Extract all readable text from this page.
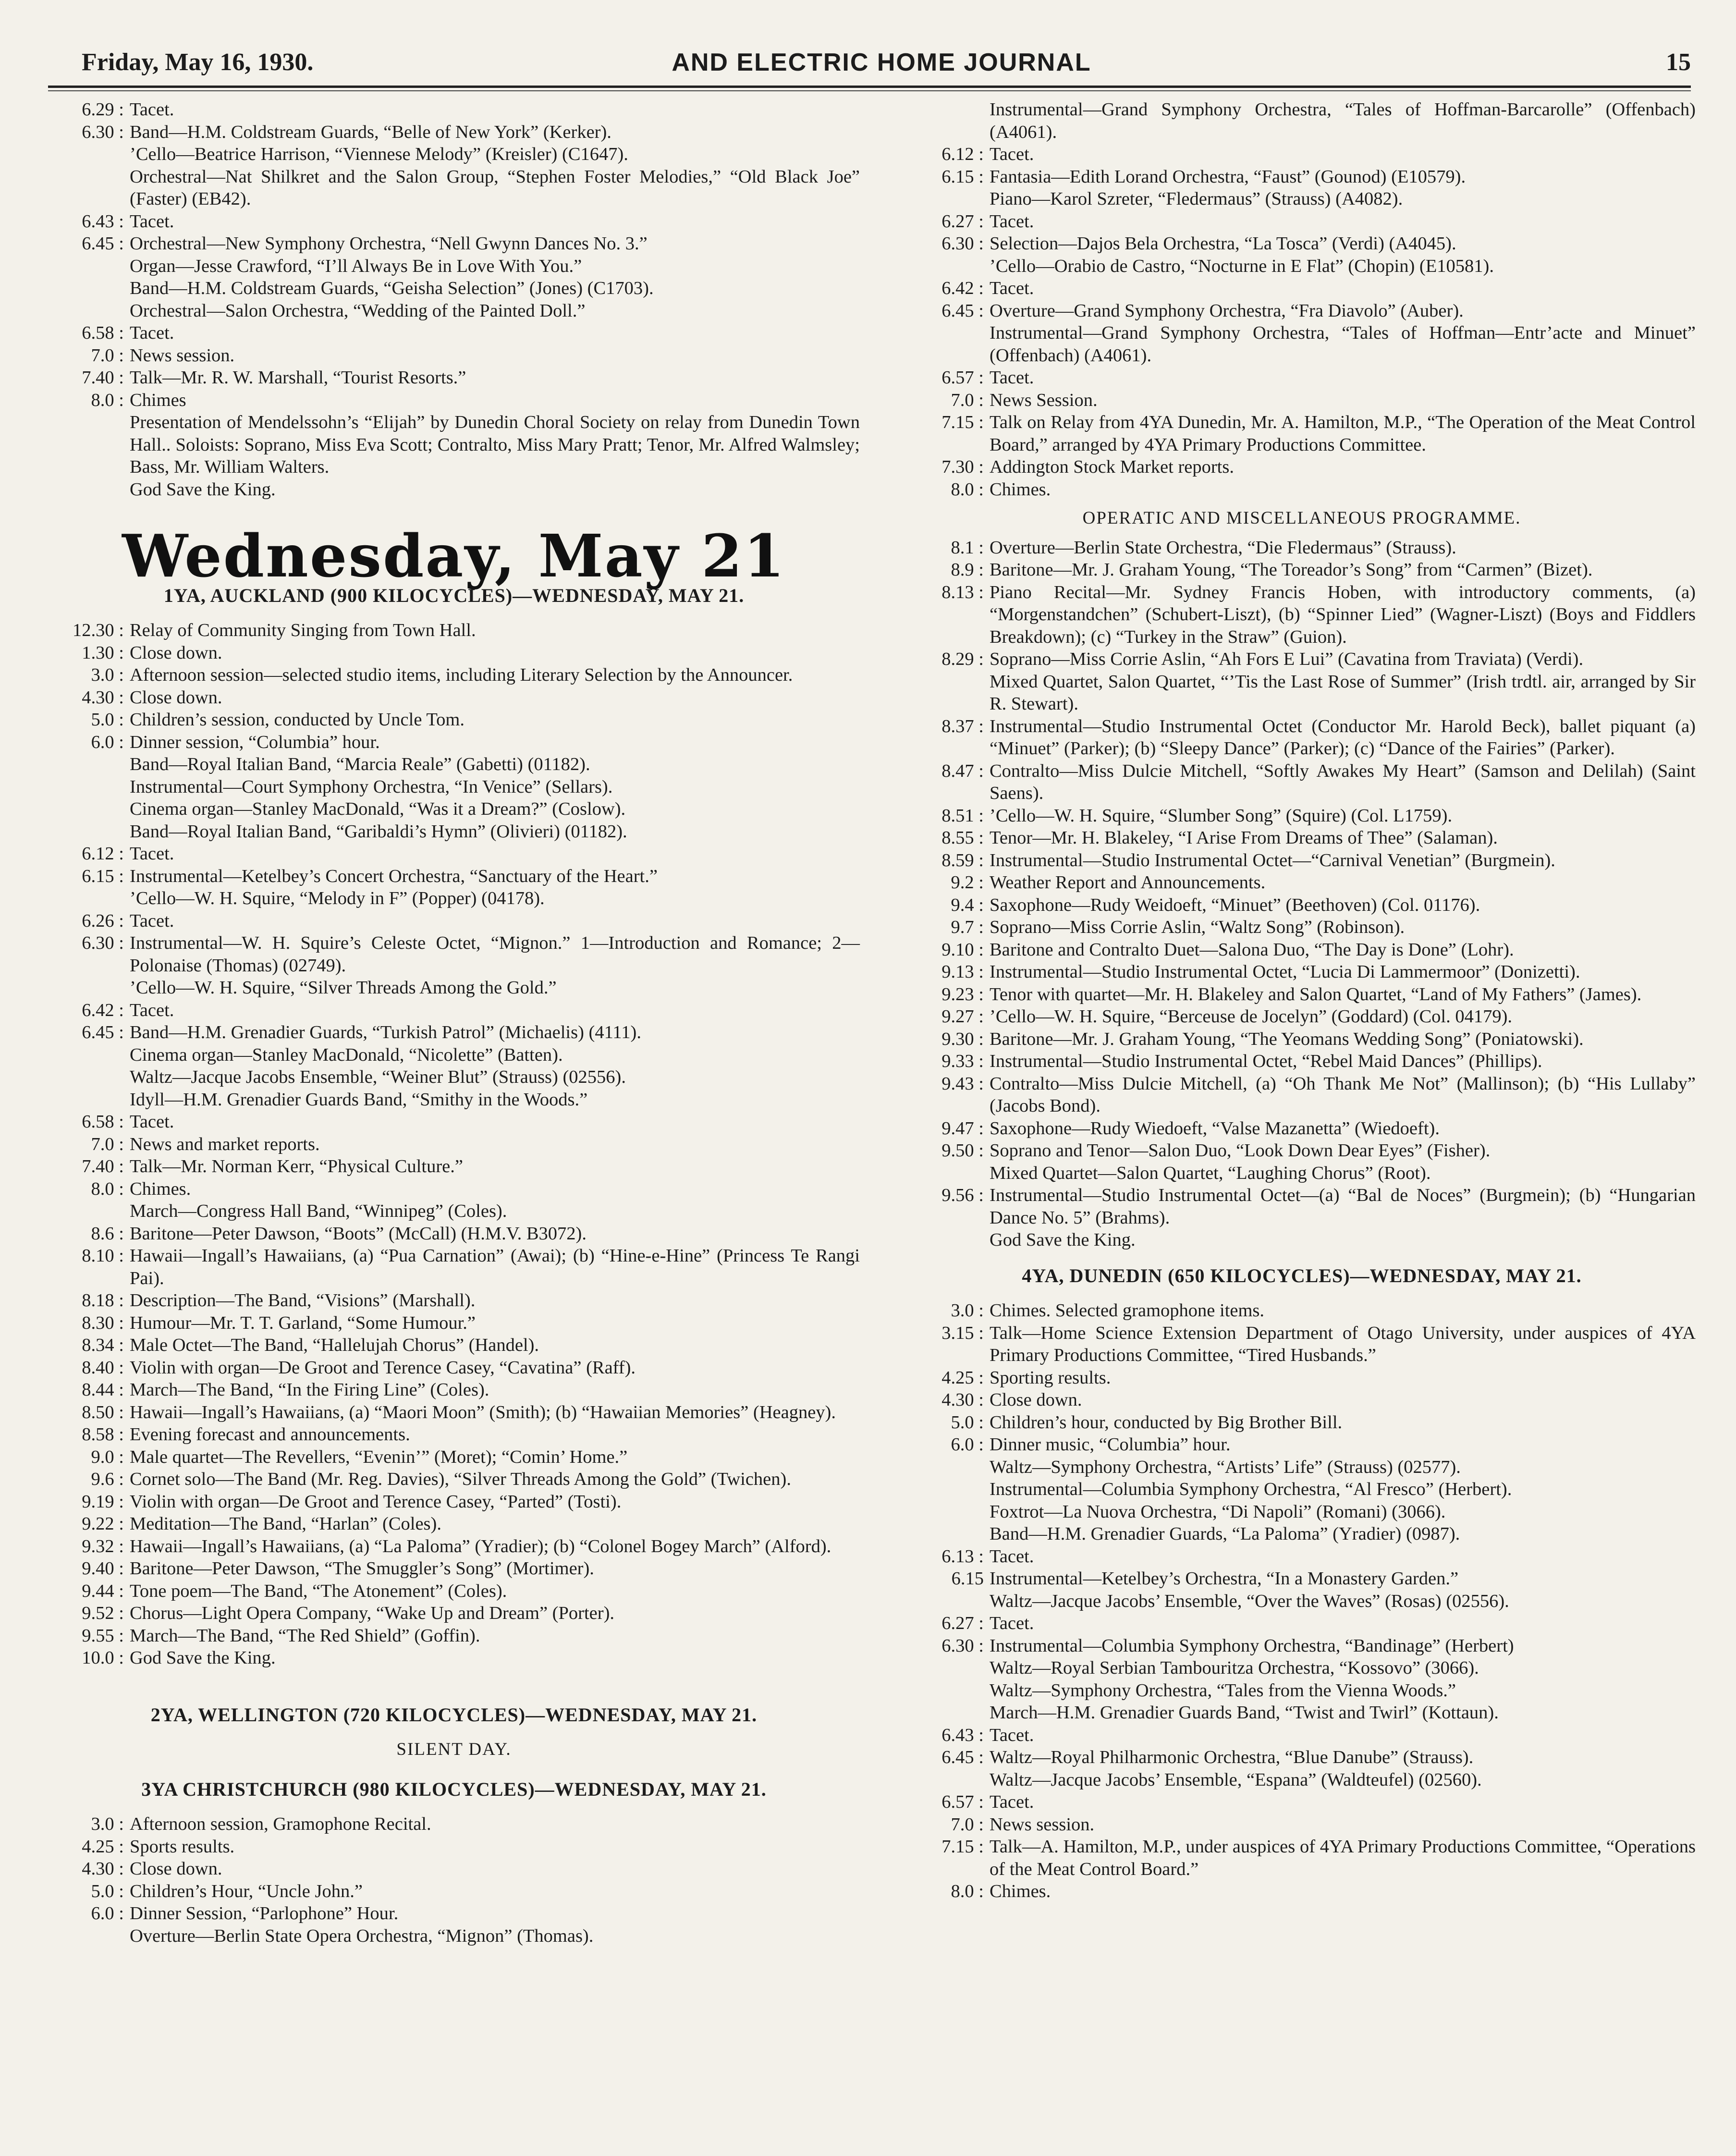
Friday, May 16, 1930.	AND ELECTRIC HOME JOURNAL	15
6.29 : Tacet.
6.30 : Band—H.M. Coldstream Guards, “Belle of New York” (Kerker).
’Cello—Beatrice Harrison, “Viennese Melody” (Kreisler) (C1647).
Orchestral—Nat Shilkret and the Salon Group, “Stephen Foster Melodies,” “Old Black Joe” (Faster) (EB42).
6.43 : Tacet.
6.45 : Orchestral—New Symphony Orchestra, “Nell Gwynn Dances No. 3.”
Organ—Jesse Crawford, “I’ll Always Be in Love With You.”
Band—H.M. Coldstream Guards, “Geisha Selection” (Jones) (C1703).
Orchestral—Salon Orchestra, “Wedding of the Painted Doll.”
6.58 : Tacet.
7.0 : News session.
7.40 : Talk—Mr. R. W. Marshall, “Tourist Resorts.”
8.0 : Chimes
Presentation of Mendelssohn’s “Elijah” by Dunedin Choral Society on relay from Dunedin Town Hall.. Soloists: Soprano, Miss Eva Scott; Contralto, Miss Mary Pratt; Tenor, Mr. Alfred Walmsley; Bass, Mr. William Walters.
God Save the King.
Wednesday, May 21
1YA, AUCKLAND (900 KILOCYCLES)—WEDNESDAY, MAY 21.
12.30 : Relay of Community Singing from Town Hall.
1.30 : Close down.
3.0 : Afternoon session—selected studio items, including Literary Selection by the Announcer.
4.30 : Close down.
5.0 : Children’s session, conducted by Uncle Tom.
6.0 : Dinner session, “Columbia” hour.
Band—Royal Italian Band, “Marcia Reale” (Gabetti) (01182).
Instrumental—Court Symphony Orchestra, “In Venice” (Sellars).
Cinema organ—Stanley MacDonald, “Was it a Dream?” (Coslow).
Band—Royal Italian Band, “Garibaldi’s Hymn” (Olivieri) (01182).
6.12 : Tacet.
6.15 : Instrumental—Ketelbey’s Concert Orchestra, “Sanctuary of the Heart.”
’Cello—W. H. Squire, “Melody in F” (Popper) (04178).
6.26 : Tacet.
6.30 : Instrumental—W. H. Squire’s Celeste Octet, “Mignon.” 1—Introduction and Romance; 2—Polonaise (Thomas) (02749).
’Cello—W. H. Squire, “Silver Threads Among the Gold.”
6.42 : Tacet.
6.45 : Band—H.M. Grenadier Guards, “Turkish Patrol” (Michaelis) (4111).
Cinema organ—Stanley MacDonald, “Nicolette” (Batten).
Waltz—Jacque Jacobs Ensemble, “Weiner Blut” (Strauss) (02556).
Idyll—H.M. Grenadier Guards Band, “Smithy in the Woods.”
6.58 : Tacet.
7.0 : News and market reports.
7.40 : Talk—Mr. Norman Kerr, “Physical Culture.”
8.0 : Chimes.
March—Congress Hall Band, “Winnipeg” (Coles).
8.6 : Baritone—Peter Dawson, “Boots” (McCall) (H.M.V. B3072).
8.10 : Hawaii—Ingall’s Hawaiians, (a) “Pua Carnation” (Awai); (b) “Hine-e-Hine” (Princess Te Rangi Pai).
8.18 : Description—The Band, “Visions” (Marshall).
8.30 : Humour—Mr. T. T. Garland, “Some Humour.”
8.34 : Male Octet—The Band, “Hallelujah Chorus” (Handel).
8.40 : Violin with organ—De Groot and Terence Casey, “Cavatina” (Raff).
8.44 : March—The Band, “In the Firing Line” (Coles).
8.50 : Hawaii—Ingall’s Hawaiians, (a) “Maori Moon” (Smith); (b) “Hawaiian Memories” (Heagney).
8.58 : Evening forecast and announcements.
9.0 : Male quartet—The Revellers, “Evenin’” (Moret); “Comin’ Home.”
9.6 : Cornet solo—The Band (Mr. Reg. Davies), “Silver Threads Among the Gold” (Twichen).
9.19 : Violin with organ—De Groot and Terence Casey, “Parted” (Tosti).
9.22 : Meditation—The Band, “Harlan” (Coles).
9.32 : Hawaii—Ingall’s Hawaiians, (a) “La Paloma” (Yradier); (b) “Colonel Bogey March” (Alford).
9.40 : Baritone—Peter Dawson, “The Smuggler’s Song” (Mortimer).
9.44 : Tone poem—The Band, “The Atonement” (Coles).
9.52 : Chorus—Light Opera Company, “Wake Up and Dream” (Porter).
9.55 : March—The Band, “The Red Shield” (Goffin).
10.0 : God Save the King.
2YA, WELLINGTON (720 KILOCYCLES)—WEDNESDAY, MAY 21.
SILENT DAY.
3YA CHRISTCHURCH (980 KILOCYCLES)—WEDNESDAY, MAY 21.
3.0 : Afternoon session, Gramophone Recital.
4.25 : Sports results.
4.30 : Close down.
5.0 : Children’s Hour, “Uncle John.”
6.0 : Dinner Session, “Parlophone” Hour.
Overture—Berlin State Opera Orchestra, “Mignon” (Thomas).
Instrumental—Grand Symphony Orchestra, “Tales of Hoffman-Barcarolle” (Offenbach) (A4061).
6.12 : Tacet.
6.15 : Fantasia—Edith Lorand Orchestra, “Faust” (Gounod) (E10579).
Piano—Karol Szreter, “Fledermaus” (Strauss) (A4082).
6.27 : Tacet.
6.30 : Selection—Dajos Bela Orchestra, “La Tosca” (Verdi) (A4045).
’Cello—Orabio de Castro, “Nocturne in E Flat” (Chopin) (E10581).
6.42 : Tacet.
6.45 : Overture—Grand Symphony Orchestra, “Fra Diavolo” (Auber).
Instrumental—Grand Symphony Orchestra, “Tales of Hoffman—Entr’acte and Minuet” (Offenbach) (A4061).
6.57 : Tacet.
7.0 : News Session.
7.15 : Talk on Relay from 4YA Dunedin, Mr. A. Hamilton, M.P., “The Operation of the Meat Control Board,” arranged by 4YA Primary Productions Committee.
7.30 : Addington Stock Market reports.
8.0 : Chimes.
OPERATIC AND MISCELLANEOUS PROGRAMME.
8.1 : Overture—Berlin State Orchestra, “Die Fledermaus” (Strauss).
8.9 : Baritone—Mr. J. Graham Young, “The Toreador’s Song” from “Carmen” (Bizet).
8.13 : Piano Recital—Mr. Sydney Francis Hoben, with introductory comments, (a) “Morgenstandchen” (Schubert-Liszt), (b) “Spinner Lied” (Wagner-Liszt) (Boys and Fiddlers Breakdown); (c) “Turkey in the Straw” (Guion).
8.29 : Soprano—Miss Corrie Aslin, “Ah Fors E Lui” (Cavatina from Traviata) (Verdi).
Mixed Quartet, Salon Quartet, “’Tis the Last Rose of Summer” (Irish trdtl. air, arranged by Sir R. Stewart).
8.37 : Instrumental—Studio Instrumental Octet (Conductor Mr. Harold Beck), ballet piquant (a) “Minuet” (Parker); (b) “Sleepy Dance” (Parker); (c) “Dance of the Fairies” (Parker).
8.47 : Contralto—Miss Dulcie Mitchell, “Softly Awakes My Heart” (Samson and Delilah) (Saint Saens).
8.51 : ’Cello—W. H. Squire, “Slumber Song” (Squire) (Col. L1759).
8.55 : Tenor—Mr. H. Blakeley, “I Arise From Dreams of Thee” (Salaman).
8.59 : Instrumental—Studio Instrumental Octet—“Carnival Venetian” (Burgmein).
9.2 : Weather Report and Announcements.
9.4 : Saxophone—Rudy Weidoeft, “Minuet” (Beethoven) (Col. 01176).
9.7 : Soprano—Miss Corrie Aslin, “Waltz Song” (Robinson).
9.10 : Baritone and Contralto Duet—Salona Duo, “The Day is Done” (Lohr).
9.13 : Instrumental—Studio Instrumental Octet, “Lucia Di Lammermoor” (Donizetti).
9.23 : Tenor with quartet—Mr. H. Blakeley and Salon Quartet, “Land of My Fathers” (James).
9.27 : ’Cello—W. H. Squire, “Berceuse de Jocelyn” (Goddard) (Col. 04179).
9.30 : Baritone—Mr. J. Graham Young, “The Yeomans Wedding Song” (Poniatowski).
9.33 : Instrumental—Studio Instrumental Octet, “Rebel Maid Dances” (Phillips).
9.43 : Contralto—Miss Dulcie Mitchell, (a) “Oh Thank Me Not” (Mallinson); (b) “His Lullaby” (Jacobs Bond).
9.47 : Saxophone—Rudy Wiedoeft, “Valse Mazanetta” (Wiedoeft).
9.50 : Soprano and Tenor—Salon Duo, “Look Down Dear Eyes” (Fisher).
Mixed Quartet—Salon Quartet, “Laughing Chorus” (Root).
9.56 : Instrumental—Studio Instrumental Octet—(a) “Bal de Noces” (Burgmein); (b) “Hungarian Dance No. 5” (Brahms).
God Save the King.
4YA, DUNEDIN (650 KILOCYCLES)—WEDNESDAY, MAY 21.
3.0 : Chimes. Selected gramophone items.
3.15 : Talk—Home Science Extension Department of Otago University, under auspices of 4YA Primary Productions Committee, “Tired Husbands.”
4.25 : Sporting results.
4.30 : Close down.
5.0 : Children’s hour, conducted by Big Brother Bill.
6.0 : Dinner music, “Columbia” hour.
Waltz—Symphony Orchestra, “Artists’ Life” (Strauss) (02577).
Instrumental—Columbia Symphony Orchestra, “Al Fresco” (Herbert).
Foxtrot—La Nuova Orchestra, “Di Napoli” (Romani) (3066).
Band—H.M. Grenadier Guards, “La Paloma” (Yradier) (0987).
6.13 : Tacet.
6.15 Instrumental—Ketelbey’s Orchestra, “In a Monastery Garden.”
Waltz—Jacque Jacobs’ Ensemble, “Over the Waves” (Rosas) (02556).
6.27 : Tacet.
6.30 : Instrumental—Columbia Symphony Orchestra, “Bandinage” (Herbert)
Waltz—Royal Serbian Tambouritza Orchestra, “Kossovo” (3066).
Waltz—Symphony Orchestra, “Tales from the Vienna Woods.”
March—H.M. Grenadier Guards Band, “Twist and Twirl” (Kottaun).
6.43 : Tacet.
6.45 : Waltz—Royal Philharmonic Orchestra, “Blue Danube” (Strauss).
Waltz—Jacque Jacobs’ Ensemble, “Espana” (Waldteufel) (02560).
6.57 : Tacet.
7.0 : News session.
7.15 : Talk—A. Hamilton, M.P., under auspices of 4YA Primary Productions Committee, “Operations of the Meat Control Board.”
8.0 : Chimes.
